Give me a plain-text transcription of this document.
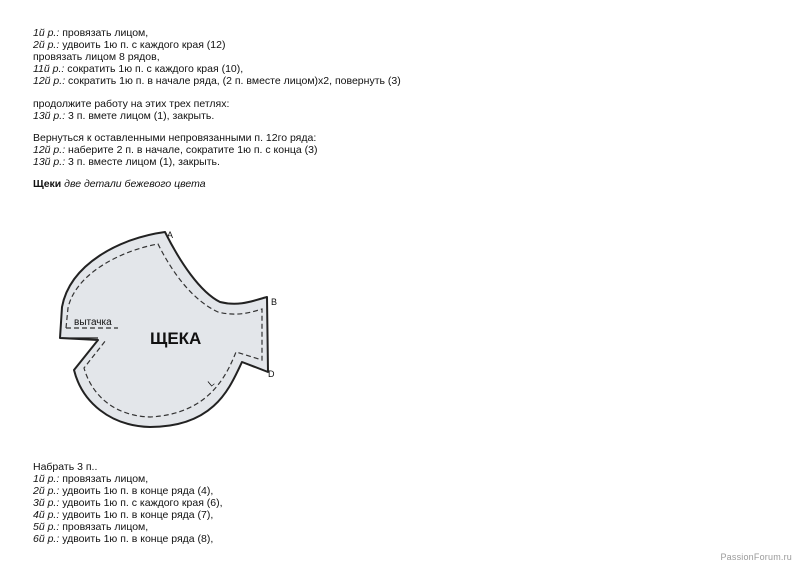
1й р.: провязать лицом,
2й р.: удвоить 1ю п. с каждого края (12)
провязать лицом 8 рядов,
11й р.: сократить 1ю п. с каждого края (10),
12й р.: сократить 1ю п. в начале ряда, (2 п. вместе лицом)х2, повернуть (3)
продолжите работу на этих трех петлях:
13й р.: 3 п. вмете лицом (1), закрыть.
Вернуться к оставленными непровязанными п. 12го ряда:
12й р.: наберите 2 п. в начале, сократите 1ю п. с конца (3)
13й р.: 3 п. вместе лицом (1), закрыть.
Щеки две детали бежевого цвета
вытачка
ЩЕКА
A
B
D
L
Набрать 3 п..
1й р.: провязать лицом,
2й р.: удвоить 1ю п. в конце ряда (4),
3й р.: удвоить 1ю п. с каждого края (6),
4й р.: удвоить 1ю п. в конце ряда (7),
5й р.: провязать лицом,
6й р.: удвоить 1ю п. в конце ряда (8),
PassionForum.ru
